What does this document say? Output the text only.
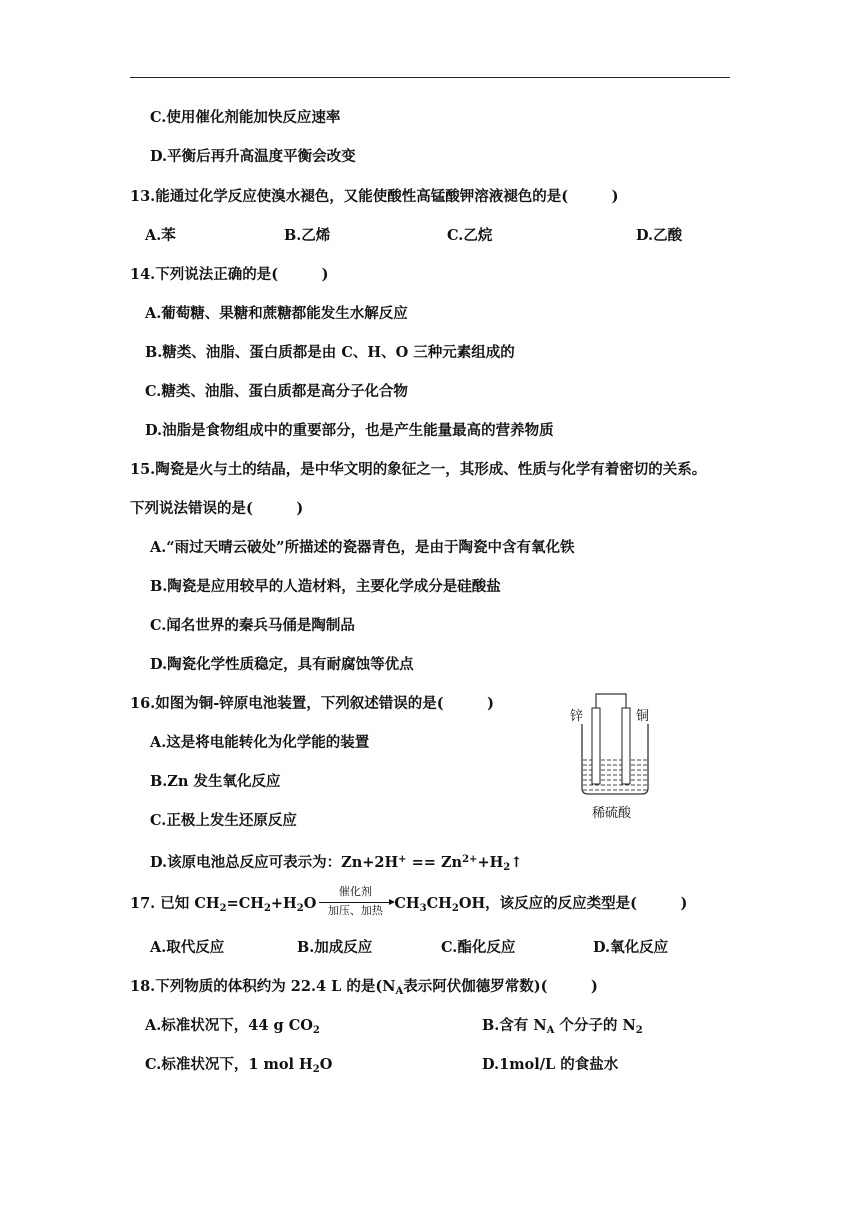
C.使用催化剂能加快反应速率
D.平衡后再升高温度平衡会改变
13.能通过化学反应使溴水褪色，又能使酸性高锰酸钾溶液褪色的是(　　　)
A.苯	B.乙烯	C.乙烷	D.乙酸
14.下列说法正确的是(　　　)
A.葡萄糖、果糖和蔗糖都能发生水解反应
B.糖类、油脂、蛋白质都是由 C、H、O 三种元素组成的
C.糖类、油脂、蛋白质都是高分子化合物
D.油脂是食物组成中的重要部分，也是产生能量最高的营养物质
15.陶瓷是火与土的结晶，是中华文明的象征之一，其形成、性质与化学有着密切的关系。
下列说法错误的是(　　　)
A.“雨过天晴云破处”所描述的瓷器青色，是由于陶瓷中含有氧化铁
B.陶瓷是应用较早的人造材料，主要化学成分是硅酸盐
C.闻名世界的秦兵马俑是陶制品
D.陶瓷化学性质稳定，具有耐腐蚀等优点
16.如图为铜-锌原电池装置，下列叙述错误的是(　　　)
A.这是将电能转化为化学能的装置
B.Zn 发生氧化反应
C.正极上发生还原反应
D.该原电池总反应可表示为：$Zn+2H^+ == Zn^{2+}+H_2↑$
锌	铜
稀硫酸
17. 已知 $CH_2=CH_2+H_2O$
催化剂
加压、加热 $CH_3CH_2OH$，该反应的反应类型是(　　　)
A.取代反应	B.加成反应	C.酯化反应	D.氧化反应
18.下列物质的体积约为 22.4 L 的是($N_A$表示阿伏伽德罗常数)(　　　)
A.标准状况下，44 g $CO_2$	B.含有 $N_A$ 个分子的 $N_2$
C.标准状况下，1 mol $H_2O$	D.1mol/L 的食盐水
